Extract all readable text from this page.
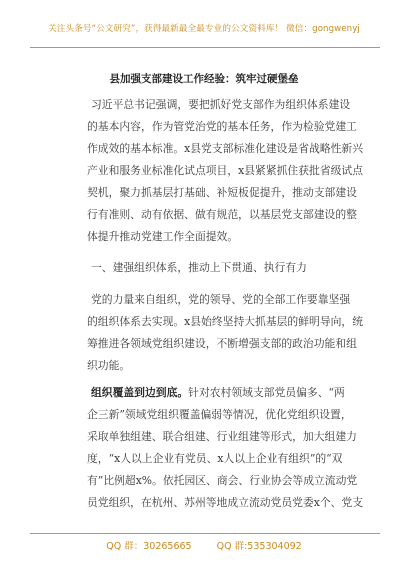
关注头条号“公文研究”，获得最新最全最专业的公文资料库！ 微信：gongwenyj
县加强支部建设工作经验：筑牢过硬堡垒
习近平总书记强调，要把抓好党支部作为组织体系建设
的基本内容，作为管党治党的基本任务，作为检验党建工
作成效的基本标准。x县党支部标准化建设是省战略性新兴
产业和服务业标准化试点项目，x县紧紧抓住获批省级试点
契机，聚力抓基层打基础、补短板促提升，推动支部建设
行有准则、动有依据、做有规范，以基层党支部建设的整
体提升推动党建工作全面提效。
一、建强组织体系，推动上下贯通、执行有力
党的力量来自组织，党的领导、党的全部工作要靠坚强
的组织体系去实现。x县始终坚持大抓基层的鲜明导向，统
筹推进各领域党组织建设，不断增强支部的政治功能和组
织功能。
组织覆盖到边到底。针对农村领域支部党员偏多、“两
企三新”领域党组织覆盖偏弱等情况，优化党组织设置，
采取单独组建、联合组建、行业组建等形式，加大组建力
度，“x人以上企业有党员、x人以上企业有组织”的“双
有”比例超x%。依托园区、商会、行业协会等成立流动党
员党组织，在杭州、苏州等地成立流动党员党委x个、党支
QQ 群：30265665 　　 QQ 群:535304092
